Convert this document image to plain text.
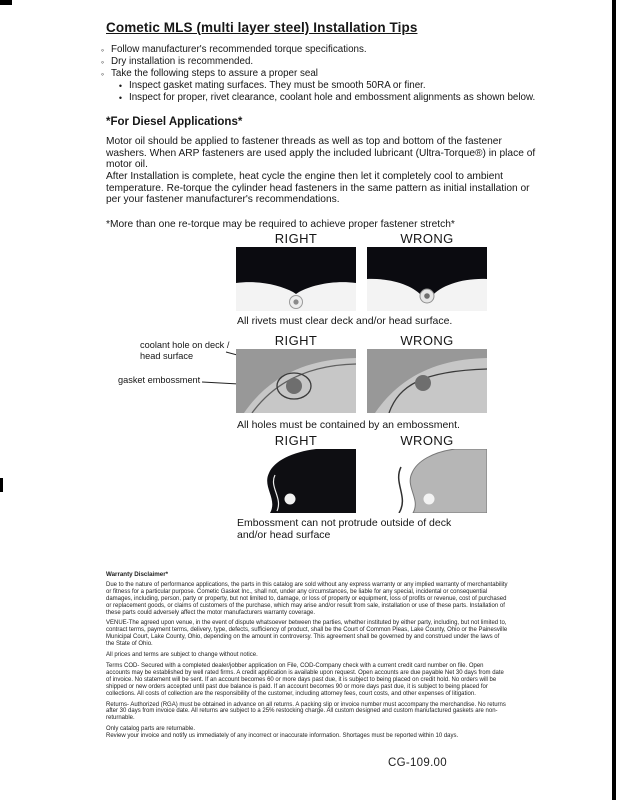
Cometic MLS (multi layer steel) Installation Tips
◦ Follow manufacturer's recommended torque specifications.
◦ Dry installation is recommended.
◦ Take the following steps to assure a proper seal
• Inspect gasket mating surfaces. They must be smooth 50RA or finer.
• Inspect for proper, rivet clearance, coolant hole and embossment alignments as shown below.
*For Diesel Applications*
Motor oil should be applied to fastener threads as well as top and bottom of the fastener washers. When ARP fasteners are used apply the included lubricant (Ultra-Torque®) in place of motor oil.
After Installation is complete, heat cycle the engine then let it completely cool to ambient temperature. Re-torque the cylinder head fasteners in the same pattern as initial installation or per your fastener manufacturer's recommendations.
*More than one re-torque may be required to achieve proper fastener stretch*
RIGHT	WRONG
All rivets must clear deck and/or head surface.
RIGHT	WRONG
coolant hole on deck / head surface
gasket embossment
All holes must be contained by an embossment.
RIGHT	WRONG
Embossment can not protrude outside of deck and/or head surface
Warranty Disclaimer*

Due to the nature of performance applications, the parts in this catalog are sold without any express warranty or any implied warranty of merchantability or fitness for a particular purpose. Cometic Gasket Inc., shall not, under any circumstances, be liable for any special, incidental or consequential damages, including, person, party or property, but not limited to, damage, or loss of property or equipment, loss of profits or revenue, cost of purchased or replacement goods, or claims of customers of the purchase, which may arise and/or result from sale, installation or use of these parts. Installation of these parts could adversely affect the motor manufacturers warranty coverage.

VENUE-The agreed upon venue, in the event of dispute whatsoever between the parties, whether instituted by either party, including, but not limited to, contract terms, payment terms, delivery, type, defects, sufficiency of product, shall be the Court of Common Pleas, Lake County, Ohio or the Painesville Municipal Court, Lake County, Ohio, depending on the amount in controversy. This agreement shall be governed by and construed under the laws of the State of Ohio.

All prices and terms are subject to change without notice.

Terms COD- Secured with a completed dealer/jobber application on File, COD-Company check with a current credit card number on file. Open accounts may be established by well rated firms. A credit application is available upon request. Open accounts are due payable Net 30 days from date of invoice. No statement will be sent. If an account becomes 60 or more days past due, it is subject to being placed on credit hold. No orders will be shipped or new orders accepted until past due balance is paid. If an account becomes 90 or more days past due, it is subject to being placed for collections. All costs of collection are the responsibility of the customer, including attorney fees, court costs, and other expenses of litigation.

Returns- Authorized (RGA) must be obtained in advance on all returns. A packing slip or invoice number must accompany the merchandise. No returns after 30 days from invoice date. All returns are subject to a 25% restocking charge. All custom designed and custom manufactured gaskets are non-returnable.

Only catalog parts are returnable.

Review your invoice and notify us immediately of any incorrect or inaccurate information. Shortages must be reported within 10 days.

CG-109.00
